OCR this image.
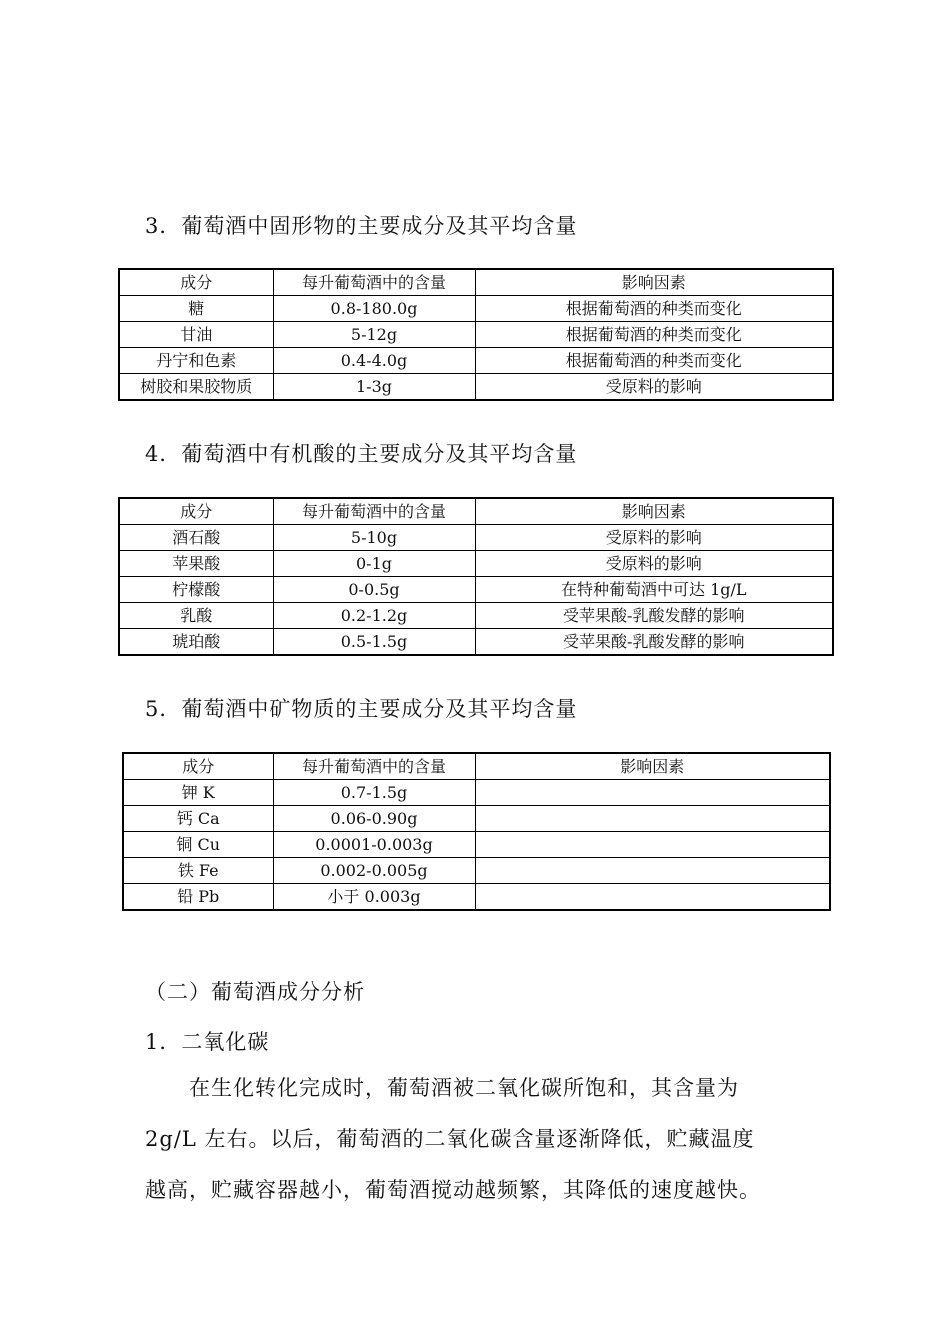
3．葡萄酒中固形物的主要成分及其平均含量
成分	每升葡萄酒中的含量	影响因素
糖	0.8-180.0g	根据葡萄酒的种类而变化
甘油	5-12g	根据葡萄酒的种类而变化
丹宁和色素	0.4-4.0g	根据葡萄酒的种类而变化
树胶和果胶物质	1-3g	受原料的影响
4．葡萄酒中有机酸的主要成分及其平均含量
成分	每升葡萄酒中的含量	影响因素
酒石酸	5-10g	受原料的影响
苹果酸	0-1g	受原料的影响
柠檬酸	0-0.5g	在特种葡萄酒中可达 1g/L
乳酸	0.2-1.2g	受苹果酸-乳酸发酵的影响
琥珀酸	0.5-1.5g	受苹果酸-乳酸发酵的影响
5．葡萄酒中矿物质的主要成分及其平均含量
成分	每升葡萄酒中的含量	影响因素
钾 K	0.7-1.5g	
钙 Ca	0.06-0.90g	
铜 Cu	0.0001-0.003g	
铁 Fe	0.002-0.005g	
铅 Pb	小于 0.003g	
（二）葡萄酒成分分析
1．二氧化碳

　　在生化转化完成时，葡萄酒被二氧化碳所饱和，其含量为

2g/L 左右。以后，葡萄酒的二氧化碳含量逐渐降低，贮藏温度

越高，贮藏容器越小，葡萄酒搅动越频繁，其降低的速度越快。
